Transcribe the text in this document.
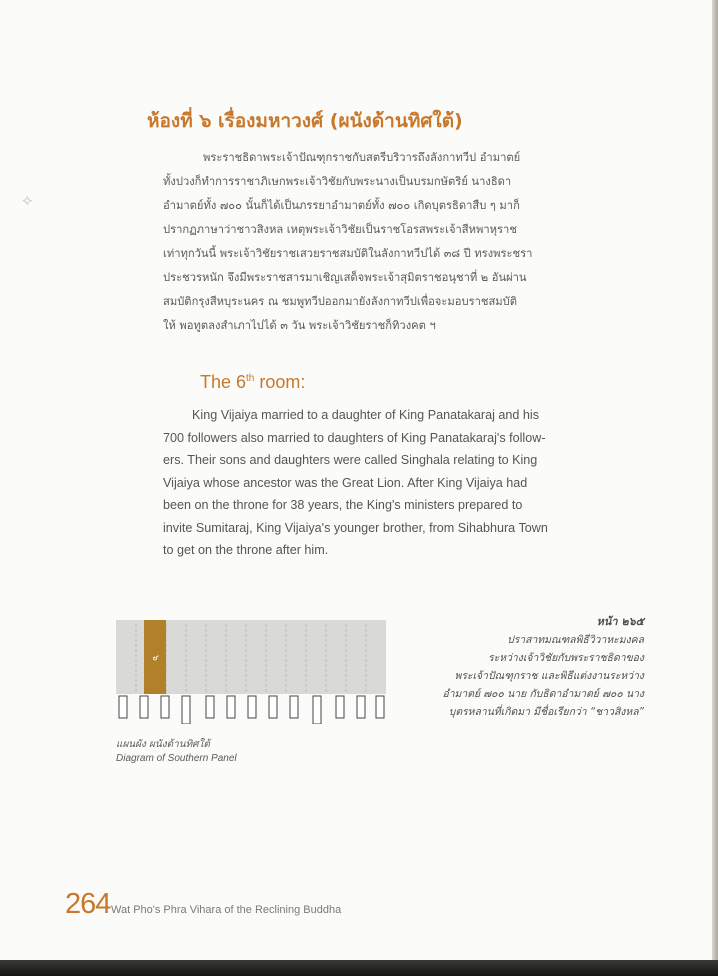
⟡
ห้องที่ ๖ เรื่องมหาวงศ์ (ผนังด้านทิศใต้)
พระราชธิดาพระเจ้าปัณฑุกราชกับสตรีบริวารถึงลังกาทวีป อำมาตย์
ทั้งปวงก็ทำการราชาภิเษกพระเจ้าวิชัยกับพระนางเป็นบรมกษัตริย์ นางธิดา
อำมาตย์ทั้ง ๗๐๐ นั้นก็ได้เป็นภรรยาอำมาตย์ทั้ง ๗๐๐ เกิดบุตรธิดาสืบ ๆ มาก็
ปรากฏภาษาว่าชาวสิงหล เหตุพระเจ้าวิชัยเป็นราชโอรสพระเจ้าสีหพาหุราช
เท่าทุกวันนี้ พระเจ้าวิชัยราชเสวยราชสมบัติในลังกาทวีปได้ ๓๘ ปี ทรงพระชรา
ประชวรหนัก จึงมีพระราชสารมาเชิญเสด็จพระเจ้าสุมิตราชอนุชาที่ ๒ อันผ่าน
สมบัติกรุงสีหบุระนคร ณ ชมพูทวีปออกมายังลังกาทวีปเพื่อจะมอบราชสมบัติ
ให้ พอทูตลงสำเภาไปได้ ๓ วัน พระเจ้าวิชัยราชก็ทิวงคต ฯ
The 6th room:
King Vijaiya married to a daughter of King Panatakaraj and his
700 followers also married to daughters of King Panatakaraj's follow-
ers. Their sons and daughters were called Singhala relating to King
Vijaiya whose ancestor was the Great Lion. After King Vijaiya had
been on the throne for 38 years, the King's ministers prepared to
invite Sumitaraj, King Vijaiya's younger brother, from Sihabhura Town
to get on the throne after him.
๖
แผนผัง ผนังด้านทิศใต้
Diagram of Southern Panel
หน้า ๒๖๕
ปราสาทมณฑลพิธีวิวาหะมงคล
ระหว่างเจ้าวิชัยกับพระราชธิดาของ
พระเจ้าปัณฑุกราช และพิธีแต่งงานระหว่าง
อำมาตย์ ๗๐๐ นาย กับธิดาอำมาตย์ ๗๐๐ นาง
บุตรหลานที่เกิดมา มีชื่อเรียกว่า “ชาวสิงหล”
264 Wat Pho's Phra Vihara of the Reclining Buddha
